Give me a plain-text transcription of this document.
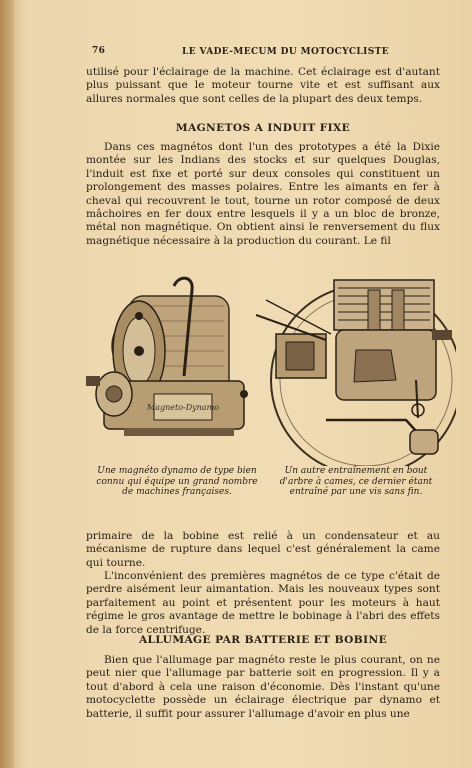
76	LE VADE-MECUM DU MOTOCYCLISTE
utilisé pour l'éclairage de la machine. Cet éclairage est d'autant plus puissant que le moteur tourne vite et est suffisant aux allures normales que sont celles de la plupart des deux temps.
MAGNETOS A INDUIT FIXE
Dans ces magnétos dont l'un des prototypes a été la Dixie montée sur les Indians des stocks et sur quelques Douglas, l'induit est fixe et porté sur deux consoles qui constituent un prolongement des masses polaires. Entre les aimants en fer à cheval qui recouvrent le tout, tourne un rotor composé de deux mâchoires en fer doux entre lesquels il y a un bloc de bronze, métal non magnétique. On obtient ainsi le renversement du flux magnétique nécessaire à la production du courant. Le fil
Magneto-Dynamo
Une magnéto dynamo de type bien connu qui équipe un grand nombre de machines françaises.
Un autre entraînement en bout d'arbre à cames, ce dernier étant entraîné par une vis sans fin.
primaire de la bobine est relié à un condensateur et au mécanisme de rupture dans lequel c'est généralement la came qui tourne.
L'inconvénient des premières magnétos de ce type c'était de perdre aisément leur aimantation. Mais les nouveaux types sont parfaitement au point et présentent pour les moteurs à haut régime le gros avantage de mettre le bobinage à l'abri des effets de la force centrifuge.
ALLUMAGE PAR BATTERIE ET BOBINE
Bien que l'allumage par magnéto reste le plus courant, on ne peut nier que l'allumage par batterie soit en progression. Il y a tout d'abord à cela une raison d'économie. Dès l'instant qu'une motocyclette possède un éclairage électrique par dynamo et batterie, il suffit pour assurer l'allumage d'avoir en plus une
